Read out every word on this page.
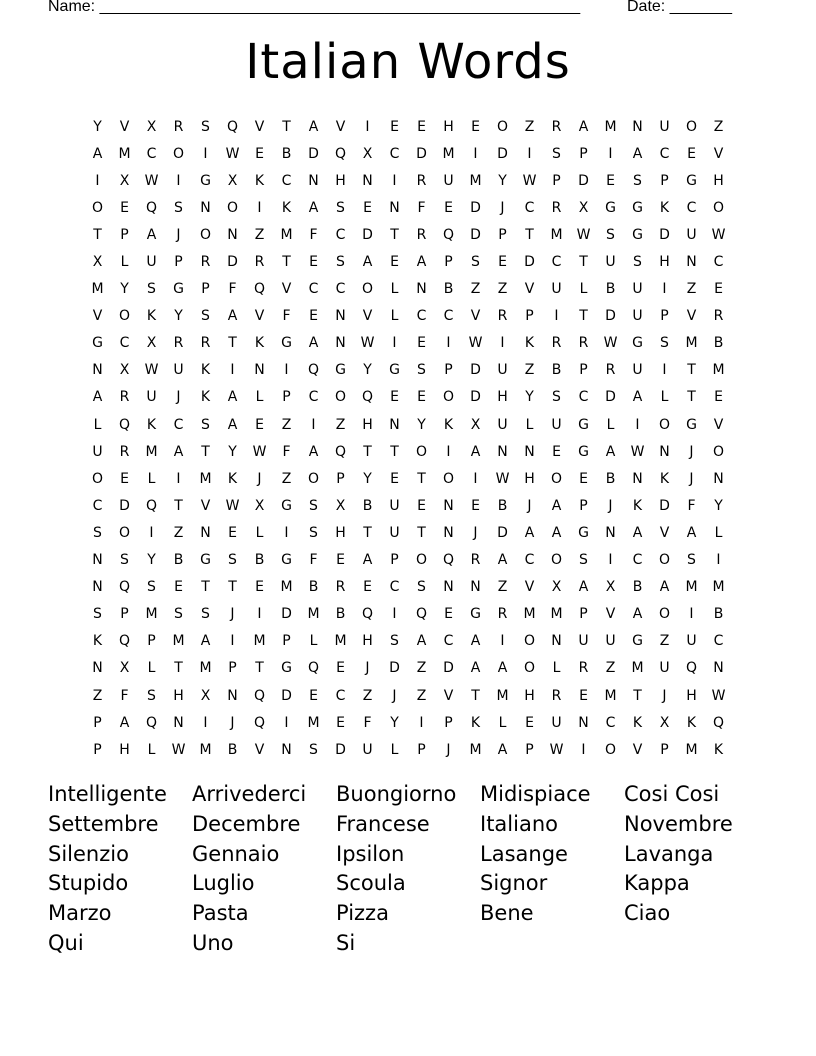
Name: ______________________________________________________	Date: _______
Italian Words
Y	V	X	R	S	Q	V	T	A	V	I	E	E	H	E	O	Z	R	A	M	N	U	O	Z
A	M	C	O	I	W	E	B	D	Q	X	C	D	M	I	D	I	S	P	I	A	C	E	V
I	X	W	I	G	X	K	C	N	H	N	I	R	U	M	Y	W	P	D	E	S	P	G	H
O	E	Q	S	N	O	I	K	A	S	E	N	F	E	D	J	C	R	X	G	G	K	C	O
T	P	A	J	O	N	Z	M	F	C	D	T	R	Q	D	P	T	M	W	S	G	D	U	W
X	L	U	P	R	D	R	T	E	S	A	E	A	P	S	E	D	C	T	U	S	H	N	C
M	Y	S	G	P	F	Q	V	C	C	O	L	N	B	Z	Z	V	U	L	B	U	I	Z	E
V	O	K	Y	S	A	V	F	E	N	V	L	C	C	V	R	P	I	T	D	U	P	V	R
G	C	X	R	R	T	K	G	A	N	W	I	E	I	W	I	K	R	R	W	G	S	M	B
N	X	W	U	K	I	N	I	Q	G	Y	G	S	P	D	U	Z	B	P	R	U	I	T	M
A	R	U	J	K	A	L	P	C	O	Q	E	E	O	D	H	Y	S	C	D	A	L	T	E
L	Q	K	C	S	A	E	Z	I	Z	H	N	Y	K	X	U	L	U	G	L	I	O	G	V
U	R	M	A	T	Y	W	F	A	Q	T	T	O	I	A	N	N	E	G	A	W	N	J	O
O	E	L	I	M	K	J	Z	O	P	Y	E	T	O	I	W	H	O	E	B	N	K	J	N
C	D	Q	T	V	W	X	G	S	X	B	U	E	N	E	B	J	A	P	J	K	D	F	Y
S	O	I	Z	N	E	L	I	S	H	T	U	T	N	J	D	A	A	G	N	A	V	A	L
N	S	Y	B	G	S	B	G	F	E	A	P	O	Q	R	A	C	O	S	I	C	O	S	I
N	Q	S	E	T	T	E	M	B	R	E	C	S	N	N	Z	V	X	A	X	B	A	M	M
S	P	M	S	S	J	I	D	M	B	Q	I	Q	E	G	R	M	M	P	V	A	O	I	B
K	Q	P	M	A	I	M	P	L	M	H	S	A	C	A	I	O	N	U	U	G	Z	U	C
N	X	L	T	M	P	T	G	Q	E	J	D	Z	D	A	A	O	L	R	Z	M	U	Q	N
Z	F	S	H	X	N	Q	D	E	C	Z	J	Z	V	T	M	H	R	E	M	T	J	H	W
P	A	Q	N	I	J	Q	I	M	E	F	Y	I	P	K	L	E	U	N	C	K	X	K	Q
P	H	L	W	M	B	V	N	S	D	U	L	P	J	M	A	P	W	I	O	V	P	M	K
Intelligente	Arrivederci	Buongiorno	Midispiace	Cosi Cosi
Settembre	Decembre	Francese	Italiano	Novembre
Silenzio	Gennaio	Ipsilon	Lasange	Lavanga
Stupido	Luglio	Scoula	Signor	Kappa
Marzo	Pasta	Pizza	Bene	Ciao
Qui	Uno	Si
